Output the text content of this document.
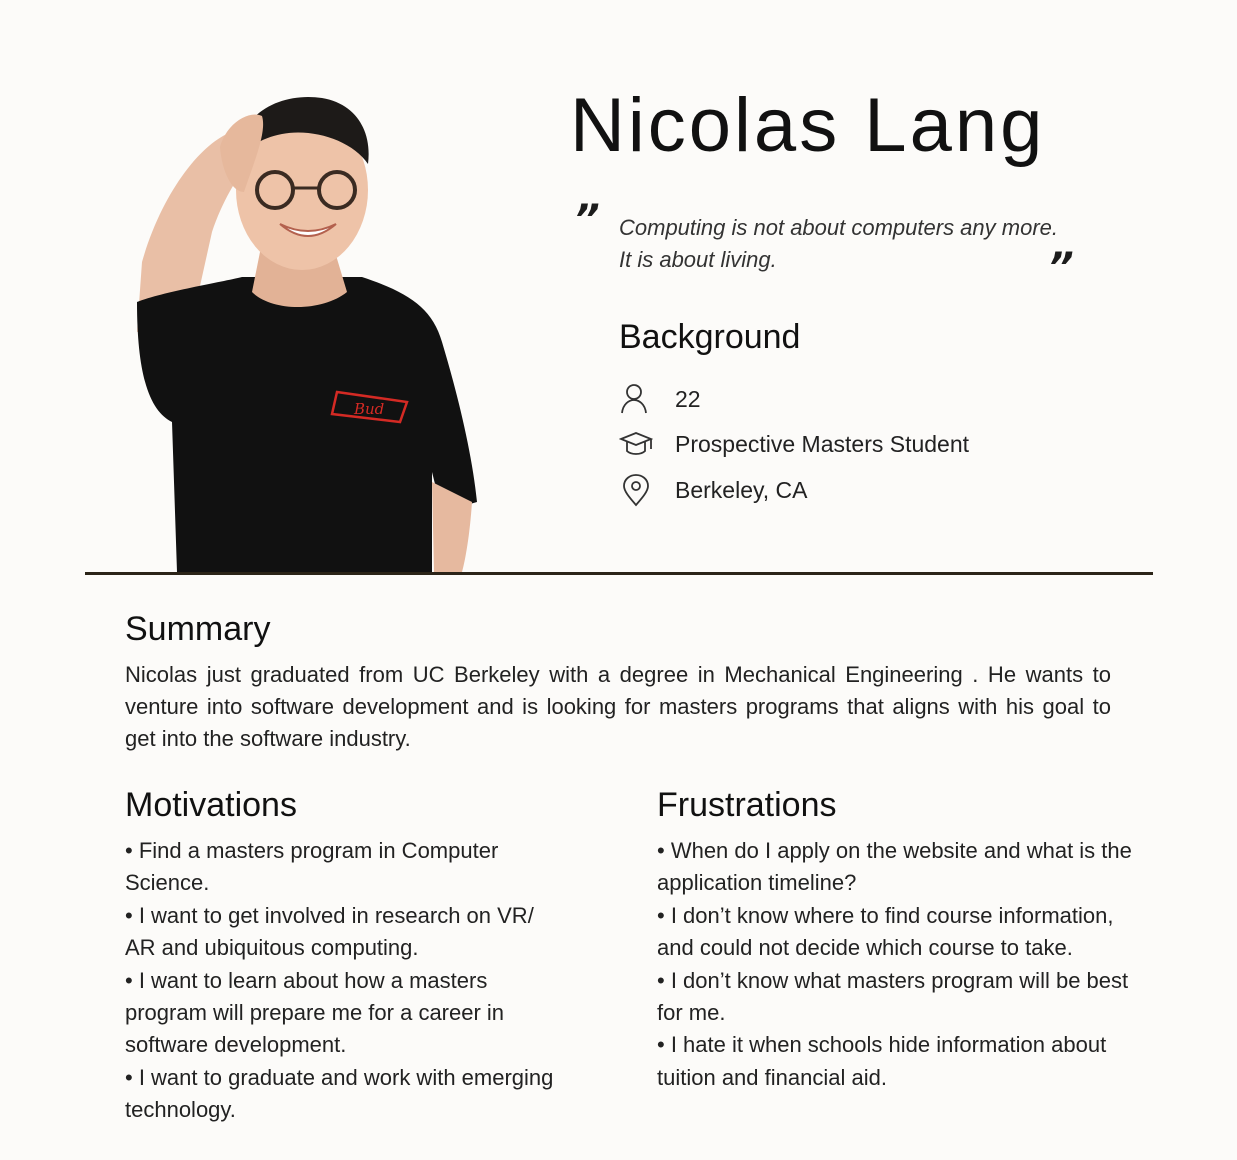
Bud
Nicolas Lang
” Computing is not about computers any more. It is about living.	”
Background
22
Prospective Masters Student
Berkeley, CA
Summary
Nicolas just graduated from UC Berkeley with a degree in Mechanical Engineering . He wants to venture into software development and is looking for masters programs that aligns with his goal to get into the software industry.
Motivations
• Find a masters program in Computer Science.
• I want to get involved in research on VR/ AR and ubiquitous computing.
• I want to learn about how a masters program will prepare me for a career in software development.
• I want to graduate and work with emerging technology.
Frustrations
• When do I apply on the website and what is the application timeline?
• I don’t know where to find course information, and could not decide which course to take.
• I don’t know what masters program will be best for me.
• I hate it when schools hide information about tuition and financial aid.
